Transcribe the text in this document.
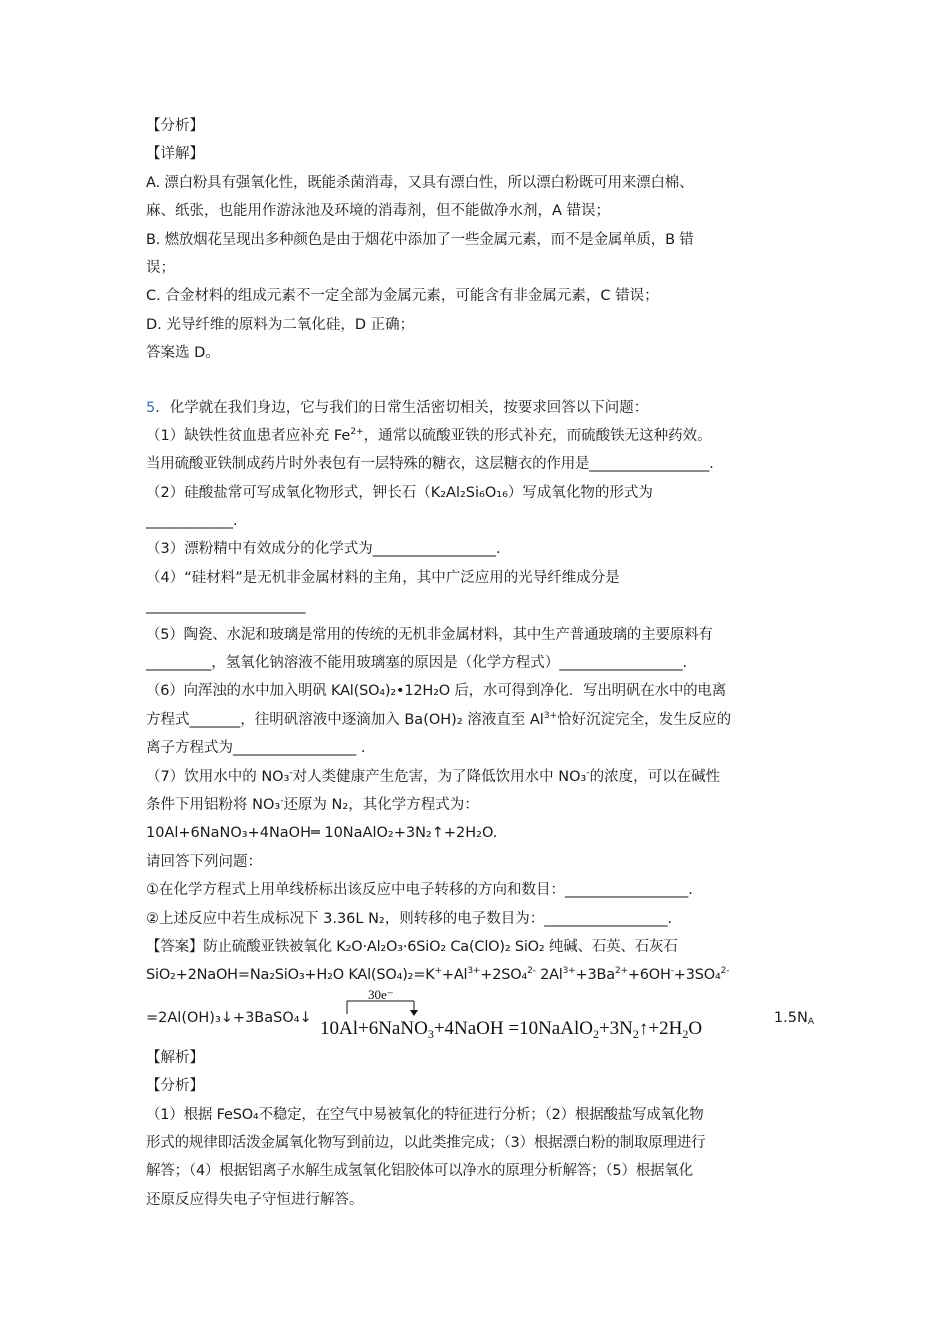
【分析】
【详解】
A. 漂白粉具有强氧化性，既能杀菌消毒，又具有漂白性，所以漂白粉既可用来漂白棉、
麻、纸张，也能用作游泳池及环境的消毒剂，但不能做净水剂，A 错误；
B. 燃放烟花呈现出多种颜色是由于烟花中添加了一些金属元素，而不是金属单质，B 错
误；
C. 合金材料的组成元素不一定全部为金属元素，可能含有非金属元素，C 错误；
D. 光导纤维的原料为二氧化硅，D 正确；
答案选 D。
5．化学就在我们身边，它与我们的日常生活密切相关，按要求回答以下问题：
（1）缺铁性贫血患者应补充 $Fe^{2+}$，通常以硫酸亚铁的形式补充，而硫酸铁无这种药效。
当用硫酸亚铁制成药片时外表包有一层特殊的糖衣，这层糖衣的作用是_________________.
（2）硅酸盐常可写成氧化物形式，钾长石（K₂Al₂Si₆O₁₆）写成氧化物的形式为
____________.
（3）漂粉精中有效成分的化学式为_________________.
（4）“硅材料”是无机非金属材料的主角，其中广泛应用的光导纤维成分是
______________________
（5）陶瓷、水泥和玻璃是常用的传统的无机非金属材料，其中生产普通玻璃的主要原料有
_________，氢氧化钠溶液不能用玻璃塞的原因是（化学方程式）_________________.
（6）向浑浊的水中加入明矾 KAl(SO₄)₂•12H₂O 后，水可得到净化．写出明矾在水中的电离
方程式_______，往明矾溶液中逐滴加入 Ba(OH)₂ 溶液直至 $Al^{3+}$恰好沉淀完全，发生反应的
离子方程式为_________________ .
（7）饮用水中的 NO₃-对人类健康产生危害，为了降低饮用水中 NO₃-的浓度，可以在碱性
条件下用铝粉将 NO₃-还原为 N₂，其化学方程式为：
10Al+6NaNO₃+4NaOH═ 10NaAlO₂+3N₂↑+2H₂O.
请回答下列问题：
①在化学方程式上用单线桥标出该反应中电子转移的方向和数目：_________________.
②上述反应中若生成标况下 3.36L N₂，则转移的电子数目为：_________________.
【答案】防止硫酸亚铁被氧化 K₂O·Al₂O₃·6SiO₂ Ca(ClO)₂ SiO₂ 纯碱、石英、石灰石
SiO₂+2NaOH=Na₂SiO₃+H₂O $KAl(SO_4)_2=K^++Al^{3+}+2SO_4^{2-}$ $2Al^{3+}+3Ba^{2+}+6OH^-+3SO_4^{2-}$
=2Al(OH)₃↓+3BaSO₄↓
30e⁻
10Al+6NaNO$_3$+4NaOH $=10NaAlO_2+3N_2↑+2H_2O$	$1.5N_A$
【解析】
【分析】
（1）根据 FeSO₄不稳定，在空气中易被氧化的特征进行分析；（2）根据酸盐写成氧化物
形式的规律即活泼金属氧化物写到前边，以此类推完成；（3）根据漂白粉的制取原理进行
解答；（4）根据铝离子水解生成氢氧化铝胶体可以净水的原理分析解答；（5）根据氧化
还原反应得失电子守恒进行解答。
